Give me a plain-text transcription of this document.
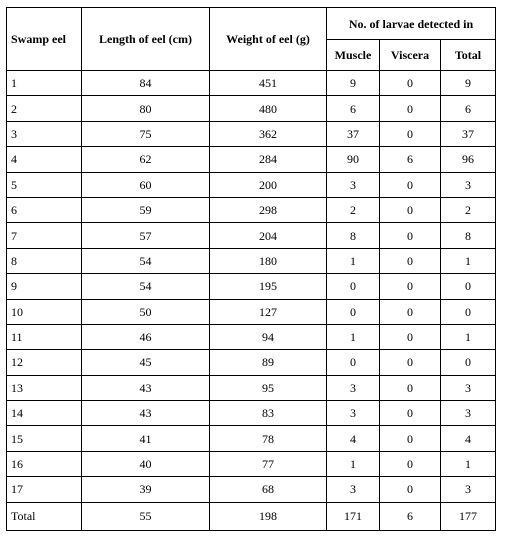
Swamp eel	Length of eel (cm)	Weight of eel (g)	No. of larvae detected in		
			Muscle	Viscera	Total
1	84	451	9	0	9
2	80	480	6	0	6
3	75	362	37	0	37
4	62	284	90	6	96
5	60	200	3	0	3
6	59	298	2	0	2
7	57	204	8	0	8
8	54	180	1	0	1
9	54	195	0	0	0
10	50	127	0	0	0
11	46	94	1	0	1
12	45	89	0	0	0
13	43	95	3	0	3
14	43	83	3	0	3
15	41	78	4	0	4
16	40	77	1	0	1
17	39	68	3	0	3
Total	55	198	171	6	177
